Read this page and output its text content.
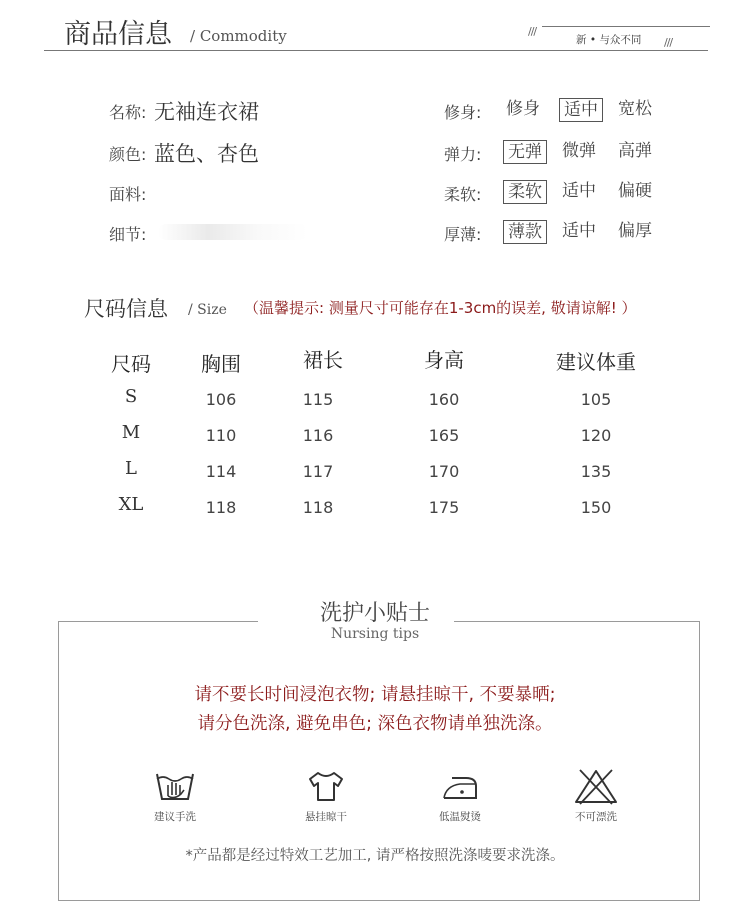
商品信息 / Commodity	///
新 • 与众不同 ///
名称: 无袖连衣裙
颜色: 蓝色、杏色
面料:
细节:
修身: 修身 适中 宽松
弹力: 无弹 微弹 高弹
柔软: 柔软 适中 偏硬
厚薄: 薄款 适中 偏厚
尺码信息 / Size （温馨提示: 测量尺寸可能存在1-3cm的误差, 敬请谅解! ）
尺码	胸围	裙长	身高	建议体重
S	106	115	160	105
M	110	116	165	120
L	114	117	170	135
XL	118	118	175	150
洗护小贴士
Nursing tips
请不要长时间浸泡衣物; 请悬挂晾干, 不要暴晒;
请分色洗涤, 避免串色; 深色衣物请单独洗涤。
建议手洗	悬挂晾干	低温熨烫	不可漂洗
*产品都是经过特效工艺加工, 请严格按照洗涤唛要求洗涤。
